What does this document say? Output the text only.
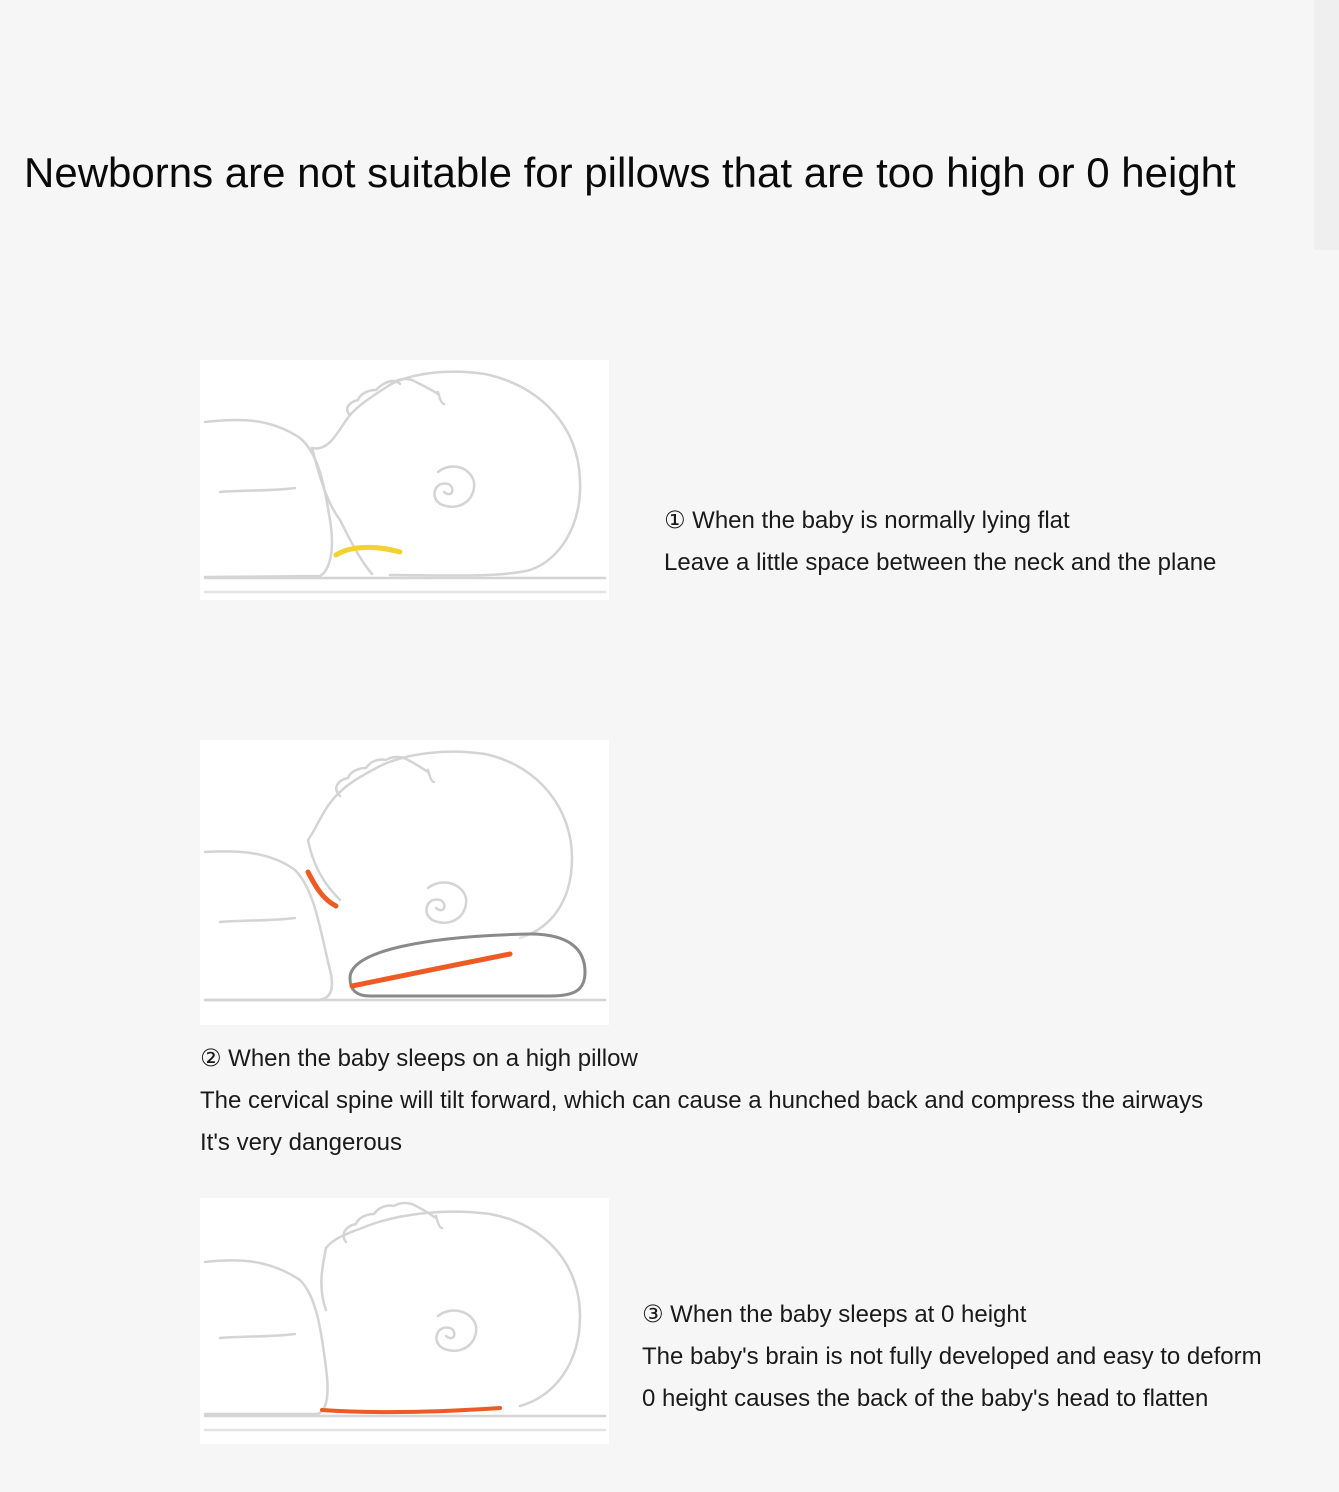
Newborns are not suitable for pillows that are too high or 0 height
① When the baby is normally lying flat
Leave a little space between the neck and the plane
② When the baby sleeps on a high pillow
The cervical spine will tilt forward, which can cause a hunched back and compress the airways
It's very dangerous
③ When the baby sleeps at 0 height
The baby's brain is not fully developed and easy to deform
0 height causes the back of the baby's head to flatten
